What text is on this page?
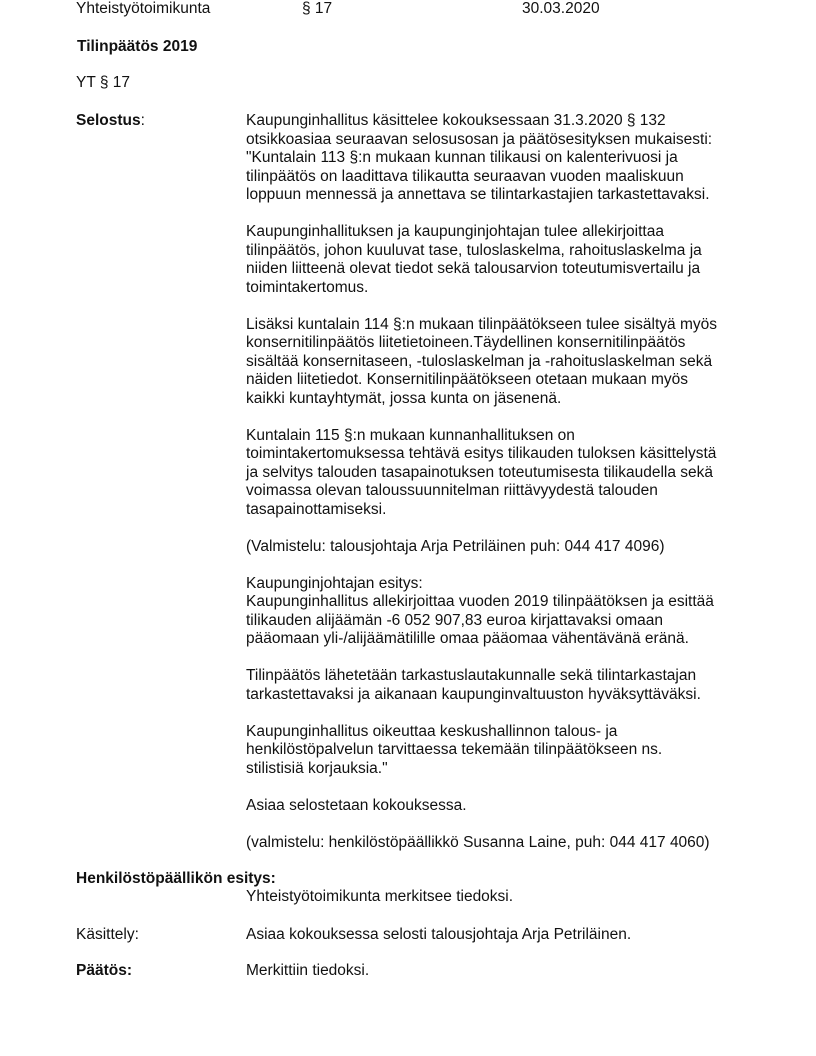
Yhteistyötoimikunta	§ 17	30.03.2020
Tilinpäätös 2019
YT § 17
Selostus:	Kaupunginhallitus käsittelee kokouksessaan 31.3.2020 § 132
otsikkoasiaa seuraavan selosusosan ja päätösesityksen mukaisesti:
"Kuntalain 113 §:n mukaan kunnan tilikausi on kalenterivuosi ja
tilinpäätös on laadittava tilikautta seuraavan vuoden maaliskuun
loppuun mennessä ja annettava se tilintarkastajien tarkastettavaksi.
Kaupunginhallituksen ja kaupunginjohtajan tulee allekirjoittaa
tilinpäätös, johon kuuluvat tase, tuloslaskelma, rahoituslaskelma ja
niiden liitteenä olevat tiedot sekä talousarvion toteutumisvertailu ja
toimintakertomus.
Lisäksi kuntalain 114 §:n mukaan tilinpäätökseen tulee sisältyä myös
konsernitilinpäätös liitetietoineen.Täydellinen konsernitilinpäätös
sisältää konsernitaseen, -tuloslaskelman ja -rahoituslaskelman sekä
näiden liitetiedot. Konsernitilinpäätökseen otetaan mukaan myös
kaikki kuntayhtymät, jossa kunta on jäsenenä.
Kuntalain 115 §:n mukaan kunnanhallituksen on
toimintakertomuksessa tehtävä esitys tilikauden tuloksen käsittelystä
ja selvitys talouden tasapainotuksen toteutumisesta tilikaudella sekä
voimassa olevan taloussuunnitelman riittävyydestä talouden
tasapainottamiseksi.
(Valmistelu: talousjohtaja Arja Petriläinen puh: 044 417 4096)
Kaupunginjohtajan esitys:
Kaupunginhallitus allekirjoittaa vuoden 2019 tilinpäätöksen ja esittää
tilikauden alijäämän -6 052 907,83 euroa kirjattavaksi omaan
pääomaan yli-/alijäämätilille omaa pääomaa vähentävänä eränä.
Tilinpäätös lähetetään tarkastuslautakunnalle sekä tilintarkastajan
tarkastettavaksi ja aikanaan kaupunginvaltuuston hyväksyttäväksi.
Kaupunginhallitus oikeuttaa keskushallinnon talous- ja
henkilöstöpalvelun tarvittaessa tekemään tilinpäätökseen ns.
stilistisiä korjauksia."
Asiaa selostetaan kokouksessa.
(valmistelu: henkilöstöpäällikkö Susanna Laine, puh: 044 417 4060)
Henkilöstöpäällikön esitys:
Yhteistyötoimikunta merkitsee tiedoksi.
Käsittely:	Asiaa kokouksessa selosti talousjohtaja Arja Petriläinen.
Päätös:	Merkittiin tiedoksi.
